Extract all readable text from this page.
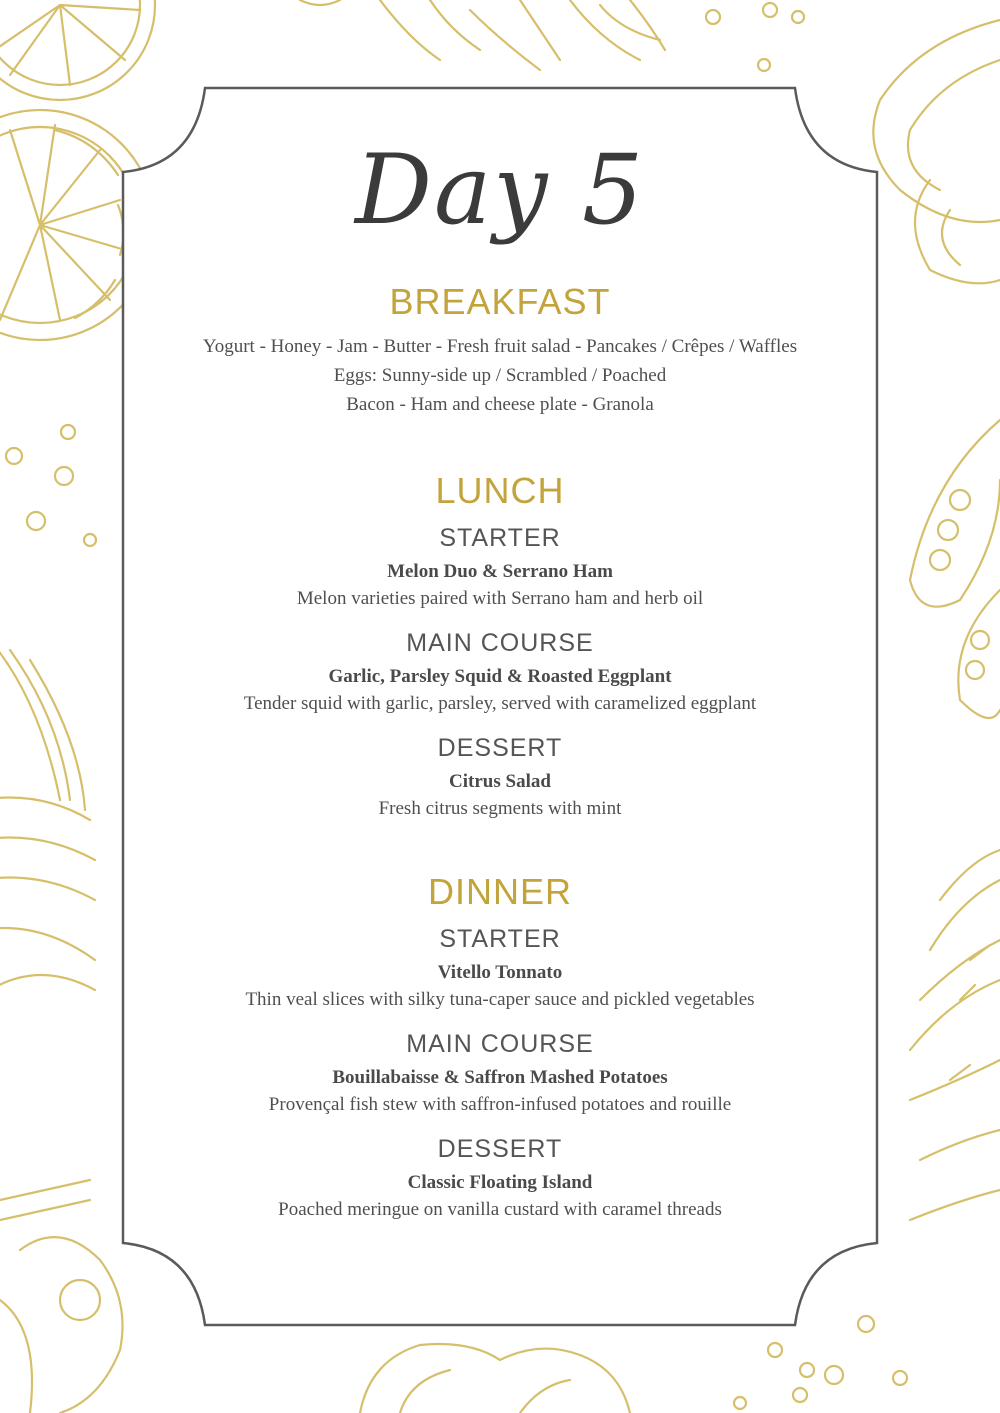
Day 5
BREAKFAST
Yogurt - Honey - Jam - Butter - Fresh fruit salad - Pancakes / Crêpes / Waffles
Eggs: Sunny-side up / Scrambled / Poached
Bacon - Ham and cheese plate - Granola
LUNCH
STARTER
Melon Duo & Serrano Ham
Melon varieties paired with Serrano ham and herb oil
MAIN COURSE
Garlic, Parsley Squid & Roasted Eggplant
Tender squid with garlic, parsley, served with caramelized eggplant
DESSERT
Citrus Salad
Fresh citrus segments with mint
DINNER
STARTER
Vitello Tonnato
Thin veal slices with silky tuna-caper sauce and pickled vegetables
MAIN COURSE
Bouillabaisse & Saffron Mashed Potatoes
Provençal fish stew with saffron-infused potatoes and rouille
DESSERT
Classic Floating Island
Poached meringue on vanilla custard with caramel threads
